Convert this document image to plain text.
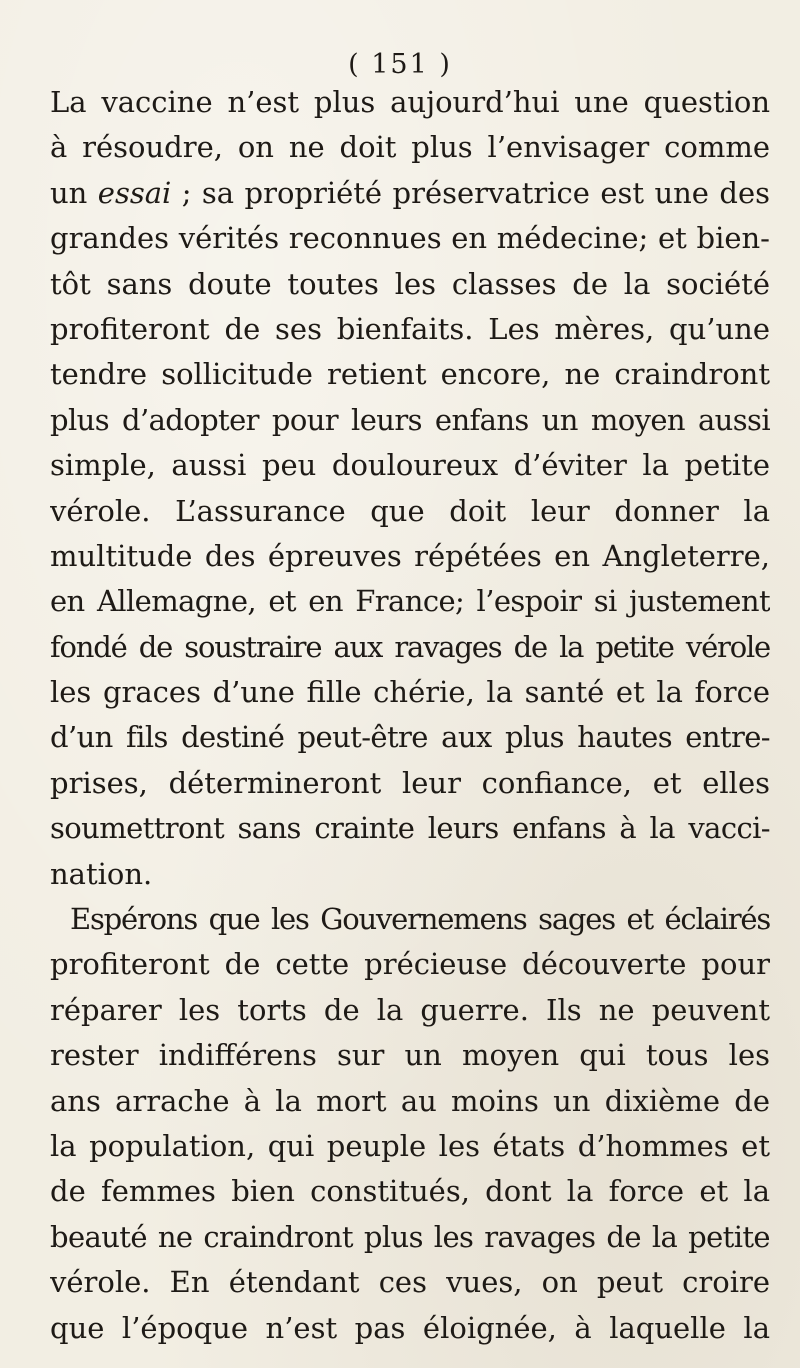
( 151 )
La vaccine n’est plus aujourd’hui une question
à résoudre, on ne doit plus l’envisager comme
un essai ; sa propriété préservatrice est une des
grandes vérités reconnues en médecine; et bien-
tôt sans doute toutes les classes de la société
profiteront de ses bienfaits. Les mères, qu’une
tendre sollicitude retient encore, ne craindront
plus d’adopter pour leurs enfans un moyen aussi
simple, aussi peu douloureux d’éviter la petite
vérole. L’assurance que doit leur donner la
multitude des épreuves répétées en Angleterre,
en Allemagne, et en France; l’espoir si justement
fondé de soustraire aux ravages de la petite vérole
les graces d’une fille chérie, la santé et la force
d’un fils destiné peut-être aux plus hautes entre-
prises, détermineront leur confiance, et elles
soumettront sans crainte leurs enfans à la vacci-
nation.
Espérons que les Gouvernemens sages et éclairés
profiteront de cette précieuse découverte pour
réparer les torts de la guerre. Ils ne peuvent
rester indifférens sur un moyen qui tous les
ans arrache à la mort au moins un dixième de
la population, qui peuple les états d’hommes et
de femmes bien constitués, dont la force et la
beauté ne craindront plus les ravages de la petite
vérole. En étendant ces vues, on peut croire
que l’époque n’est pas éloignée, à laquelle la
